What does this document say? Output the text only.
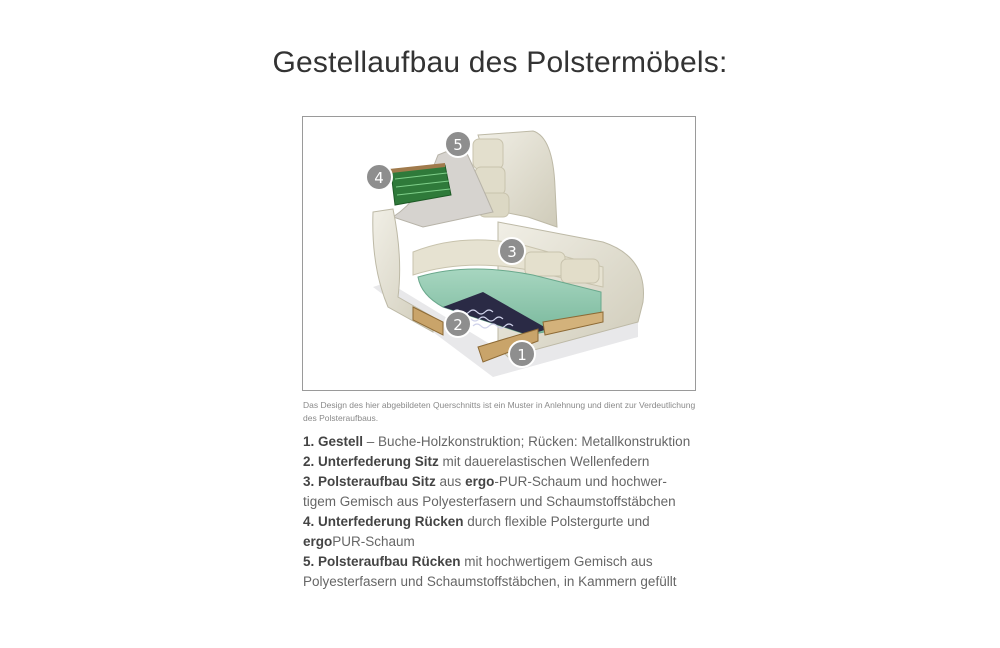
Gestellaufbau des Polstermöbels:
1
2
3
4
5
Das Design des hier abgebildeten Querschnitts ist ein Muster in Anlehnung und dient zur Verdeutlichung des Polsteraufbaus.
1. Gestell – Buche-Holzkonstruktion; Rücken: Metallkonstruktion
2. Unterfederung Sitz mit dauerelastischen Wellenfedern
3. Polsteraufbau Sitz aus ergo-PUR-Schaum und hochwer-
tigem Gemisch aus Polyesterfasern und Schaumstoffstäbchen
4. Unterfederung Rücken durch flexible Polstergurte und
ergoPUR-Schaum
5. Polsteraufbau Rücken mit hochwertigem Gemisch aus
Polyesterfasern und Schaumstoffstäbchen, in Kammern gefüllt
